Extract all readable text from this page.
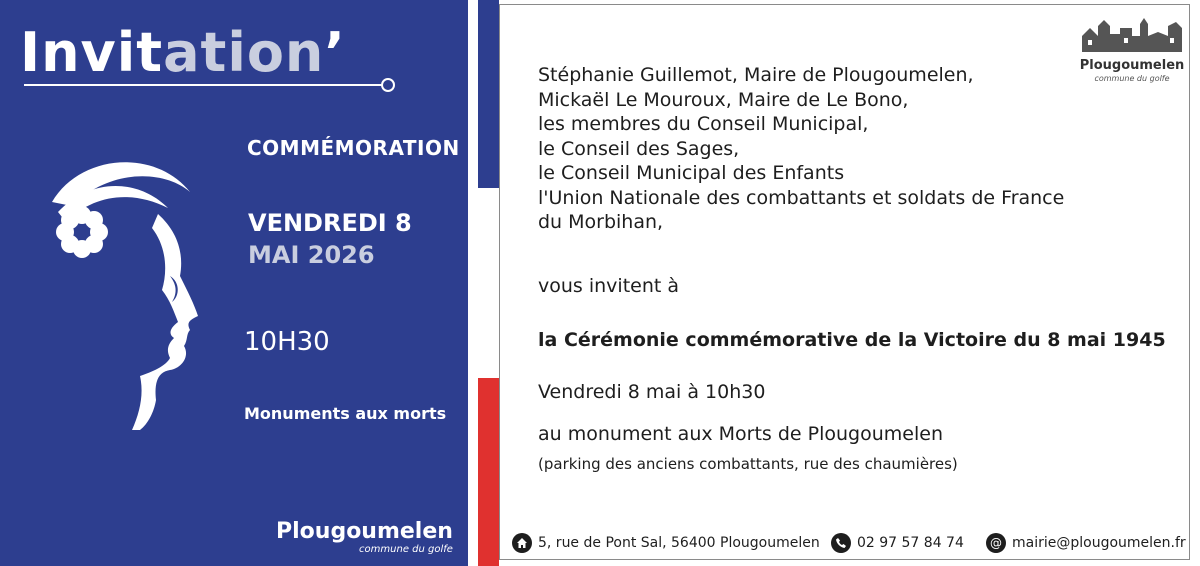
Invitation’
COMMÉMORATION
VENDREDI 8
MAI 2026
10H30
Monuments aux morts
Plougoumelen
commune du golfe
Plougoumelen
commune du golfe
Stéphanie Guillemot, Maire de Plougoumelen,
Mickaël Le Mouroux, Maire de Le Bono,
les membres du Conseil Municipal,
le Conseil des Sages,
le Conseil Municipal des Enfants
l'Union Nationale des combattants et soldats de France
du Morbihan,
vous invitent à
la Cérémonie commémorative de la Victoire du 8 mai 1945
Vendredi 8 mai à 10h30
au monument aux Morts de Plougoumelen
(parking des anciens combattants, rue des chaumières)
5, rue de Pont Sal, 56400 Plougoumelen	02 97 57 84 74	@ mairie@plougoumelen.fr
